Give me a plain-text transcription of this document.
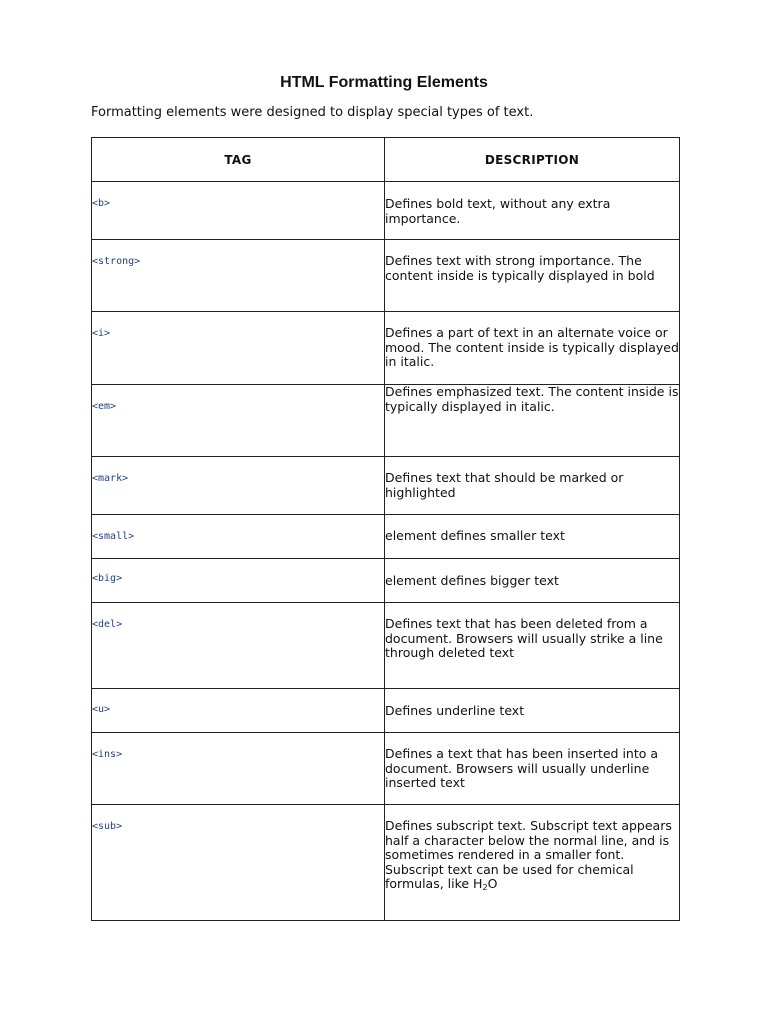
HTML Formatting Elements

Formatting elements were designed to display special types of text.

TAG	DESCRIPTION
<b>	Defines bold text, without any extra importance.
<strong>	Defines text with strong importance. The content inside is typically displayed in bold
<i>	Defines a part of text in an alternate voice or mood. The content inside is typically displayed in italic.
<em>	Defines emphasized text. The content inside is typically displayed in italic.
<mark>	Defines text that should be marked or highlighted
<small>	element defines smaller text
<big>	element defines bigger text
<del>	Defines text that has been deleted from a document. Browsers will usually strike a line through deleted text
<u>	Defines underline text
<ins>	Defines a text that has been inserted into a document. Browsers will usually underline inserted text
<sub>	Defines subscript text. Subscript text appears half a character below the normal line, and is sometimes rendered in a smaller font. Subscript text can be used for chemical formulas, like $H_2O$
